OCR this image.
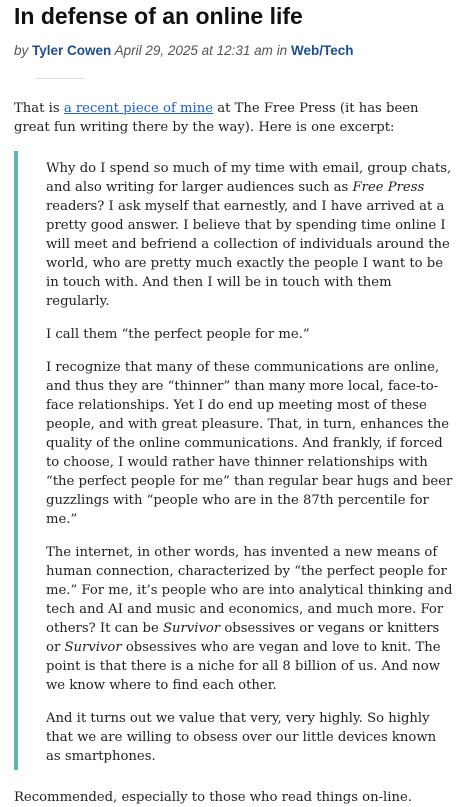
In defense of an online life
by Tyler Cowen April 29, 2025 at 12:31 am in Web/Tech

That is a recent piece of mine at The Free Press (it has been great fun writing there by the way). Here is one excerpt:

Why do I spend so much of my time with email, group chats, and also writing for larger audiences such as Free Press readers? I ask myself that earnestly, and I have arrived at a pretty good answer. I believe that by spending time online I will meet and befriend a collection of individuals around the world, who are pretty much exactly the people I want to be in touch with. And then I will be in touch with them regularly.

I call them “the perfect people for me.”

I recognize that many of these communications are online, and thus they are “thinner” than many more local, face-to-face relationships. Yet I do end up meeting most of these people, and with great pleasure. That, in turn, enhances the quality of the online communications. And frankly, if forced to choose, I would rather have thinner relationships with “the perfect people for me” than regular bear hugs and beer guzzlings with “people who are in the 87th percentile for me.”

The internet, in other words, has invented a new means of human connection, characterized by “the perfect people for me.” For me, it’s people who are into analytical thinking and tech and AI and music and economics, and much more. For others? It can be Survivor obsessives or vegans or knitters or Survivor obsessives who are vegan and love to knit. The point is that there is a niche for all 8 billion of us. And now we know where to find each other.

And it turns out we value that very, very highly. So highly that we are willing to obsess over our little devices known as smartphones.

Recommended, especially to those who read things on-line.
